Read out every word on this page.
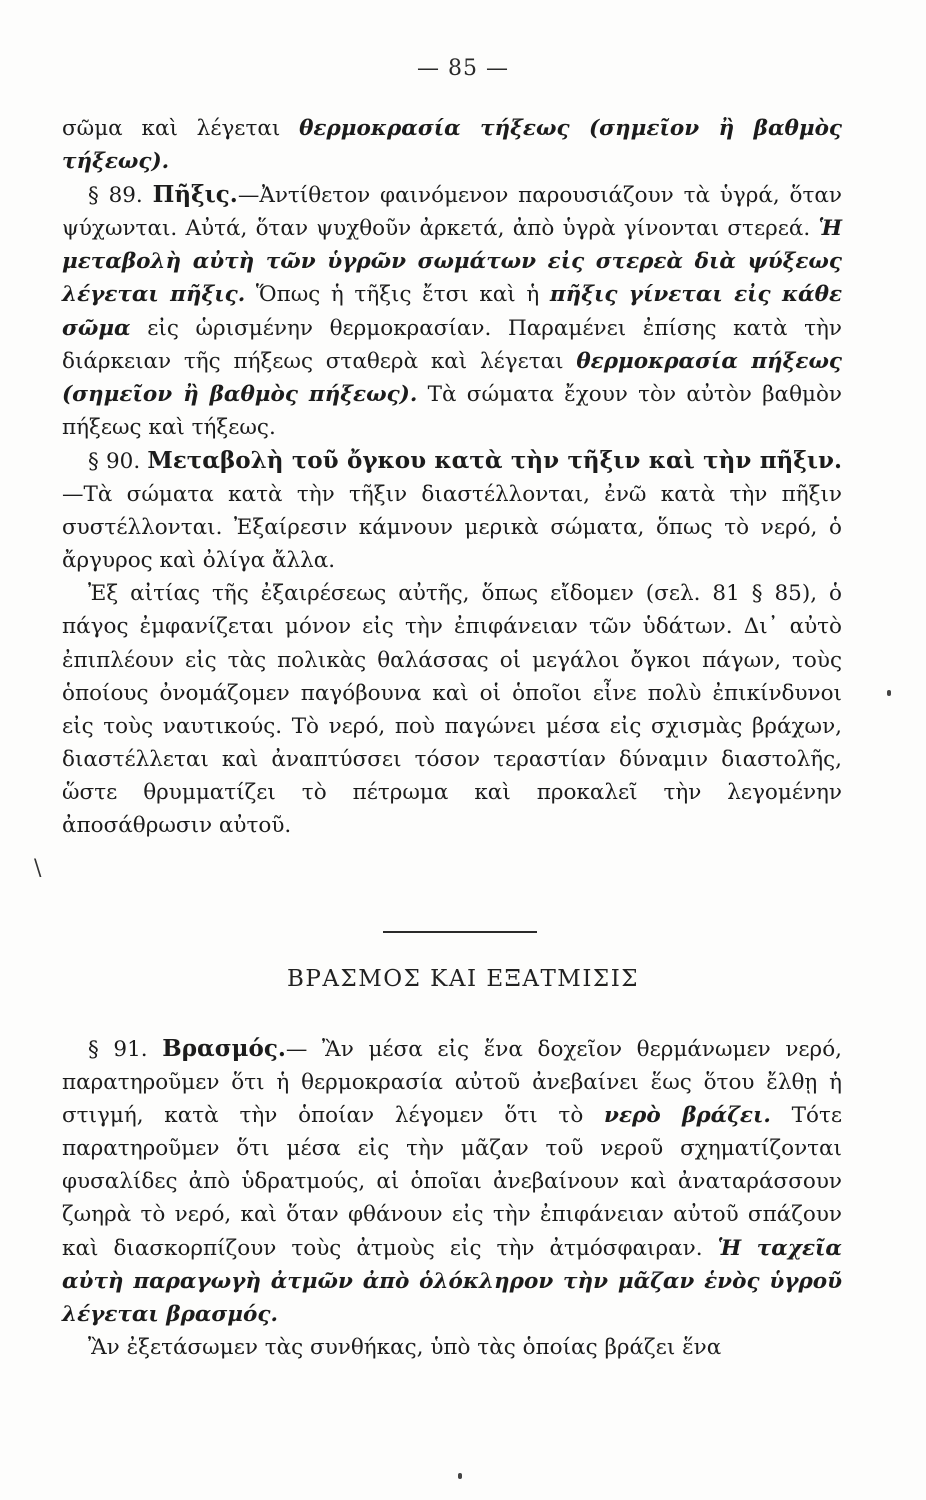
— 85 —

σῶμα καὶ λέγεται θερμοκρασία τήξεως (σημεῖον ἢ βαθμὸς τήξεως).

§ 89. Πῆξις.—Ἀντίθετον φαινόμενον παρουσιάζουν τὰ ὑγρά, ὅταν ψύχωνται. Αὐτά, ὅταν ψυχθοῦν ἀρκετά, ἀπὸ ὑγρὰ γίνονται στερεά. Ἡ μεταβολὴ αὐτὴ τῶν ὑγρῶν σωμάτων εἰς στερεὰ διὰ ψύξεως λέγεται πῆξις. Ὅπως ἡ τῆξις ἔτσι καὶ ἡ πῆξις γίνεται εἰς κάθε σῶμα εἰς ὡρισμένην θερμοκρασίαν. Παραμένει ἐπίσης κατὰ τὴν διάρκειαν τῆς πήξεως σταθερὰ καὶ λέγεται θερμοκρασία πήξεως (σημεῖον ἢ βαθμὸς πήξεως). Τὰ σώματα ἔχουν τὸν αὐτὸν βαθμὸν πήξεως καὶ τήξεως.

§ 90. Μεταβολὴ τοῦ ὄγκου κατὰ τὴν τῆξιν καὶ τὴν πῆξιν.—Τὰ σώματα κατὰ τὴν τῆξιν διαστέλλονται, ἐνῶ κατὰ τὴν πῆξιν συστέλλονται. Ἐξαίρεσιν κάμνουν μερικὰ σώματα, ὅπως τὸ νερό, ὁ ἄργυρος καὶ ὀλίγα ἄλλα.

Ἐξ αἰτίας τῆς ἐξαιρέσεως αὐτῆς, ὅπως εἴδομεν (σελ. 81 § 85), ὁ πάγος ἐμφανίζεται μόνον εἰς τὴν ἐπιφάνειαν τῶν ὑδάτων. Δι᾽ αὐτὸ ἐπιπλέουν εἰς τὰς πολικὰς θαλάσσας οἱ μεγάλοι ὄγκοι πάγων, τοὺς ὁποίους ὀνομάζομεν παγόβουνα καὶ οἱ ὁποῖοι εἶνε πολὺ ἐπικίνδυνοι εἰς τοὺς ναυτικούς. Τὸ νερό, ποὺ παγώνει μέσα εἰς σχισμὰς βράχων, διαστέλλεται καὶ ἀναπτύσσει τόσον τεραστίαν δύναμιν διαστολῆς, ὥστε θρυμματίζει τὸ πέτρωμα καὶ προκαλεῖ τὴν λεγομένην ἀποσάθρωσιν αὐτοῦ.

\
ΒΡΑΣΜΟΣ ΚΑΙ ΕΞΑΤΜΙΣΙΣ

§ 91. Βρασμός.— Ἂν μέσα εἰς ἕνα δοχεῖον θερμάνωμεν νερό, παρατηροῦμεν ὅτι ἡ θερμοκρασία αὐτοῦ ἀνεβαίνει ἕως ὅτου ἔλθῃ ἡ στιγμή, κατὰ τὴν ὁποίαν λέγομεν ὅτι τὸ νερὸ βράζει. Τότε παρατηροῦμεν ὅτι μέσα εἰς τὴν μᾶζαν τοῦ νεροῦ σχηματίζονται φυσαλίδες ἀπὸ ὑδρατμούς, αἱ ὁποῖαι ἀνεβαίνουν καὶ ἀναταράσσουν ζωηρὰ τὸ νερό, καὶ ὅταν φθάνουν εἰς τὴν ἐπιφάνειαν αὐτοῦ σπάζουν καὶ διασκορπίζουν τοὺς ἀτμοὺς εἰς τὴν ἀτμόσφαιραν. Ἡ ταχεῖα αὐτὴ παραγωγὴ ἀτμῶν ἀπὸ ὁλόκληρον τὴν μᾶζαν ἑνὸς ὑγροῦ λέγεται βρασμός.

Ἂν ἐξετάσωμεν τὰς συνθήκας, ὑπὸ τὰς ὁποίας βράζει ἕνα
